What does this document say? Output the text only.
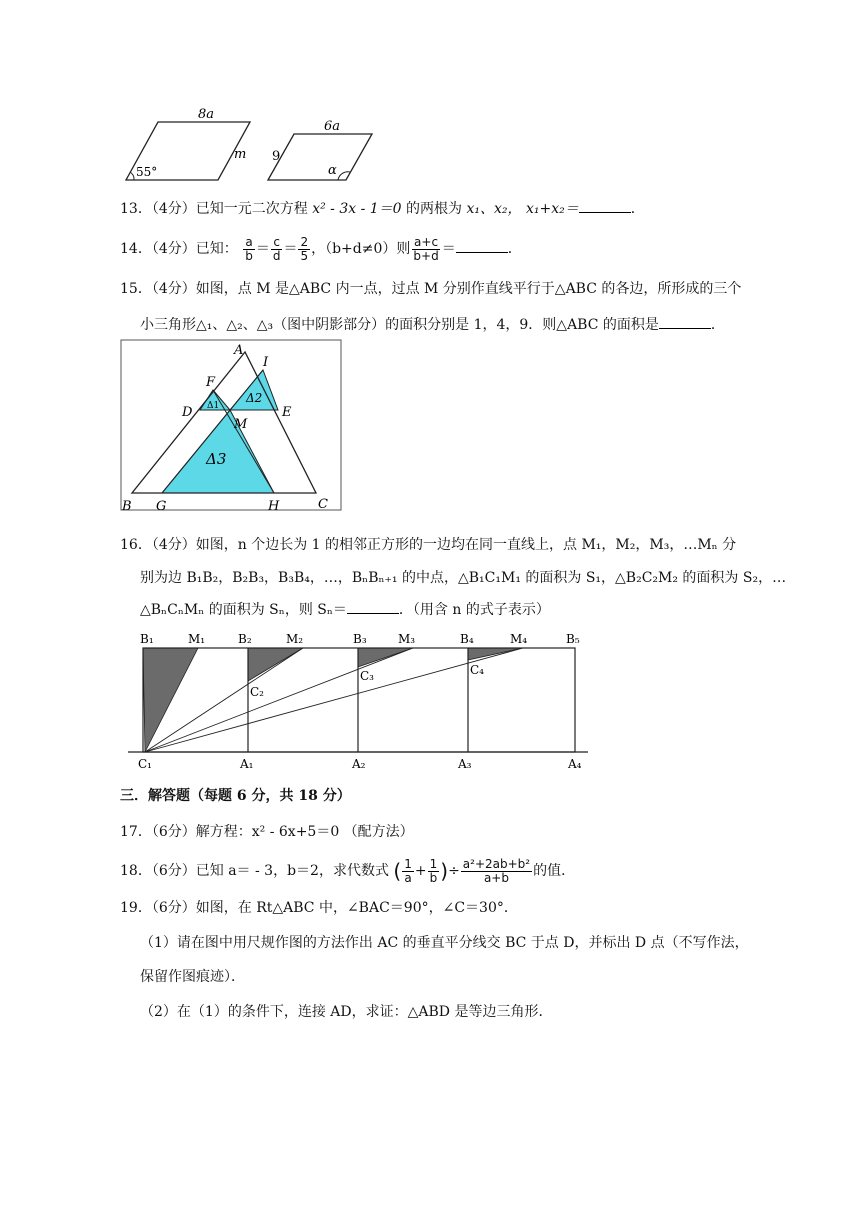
8a
m
55°
6a
9
α
13．（4分）已知一元二次方程 x² - 3x - 1＝0 的两根为 x₁、x₂， x₁+x₂＝	．
14．（4分）已知： $\frac{a}{b} = \frac{c}{d} = \frac{2}{5}$ ，（b+d≠0）则 $\frac{a+c}{b+d}$ ＝	．
15．（4分）如图，点 M 是△ABC 内一点，过点 M 分别作直线平行于△ABC 的各边，所形成的三个
小三角形△₁、△₂、△₃（图中阴影部分）的面积分别是 1，4，9．则△ABC 的面积是	．
A
I
F
D	E
M
B G	H	C
Δ1
Δ2
Δ3
16．（4分）如图，n 个边长为 1 的相邻正方形的一边均在同一直线上，点 M₁，M₂，M₃，…Mₙ 分
别为边 B₁B₂，B₂B₃，B₃B₄，…，BₙBₙ₊₁ 的中点，△B₁C₁M₁ 的面积为 S₁，△B₂C₂M₂ 的面积为 S₂，…
△BₙCₙMₙ 的面积为 Sₙ，则 Sₙ＝	．（用含 n 的式子表示）
B₁	M₁	B₂	M₂	B₃	M₃	B₄	M₄	B₅
C₁
C₂
C₃	C₄
A₁	A₂	A₃	A₄
三．解答题（每题 6 分，共 18 分）
17．（6分）解方程：x² - 6x+5＝0 （配方法）
18．（6分）已知 a＝ - 3，b＝2，求代数式 ( $\frac{1}{a} + \frac{1}{b}$ )÷ $\frac{\text{a²+2ab+b²}}{a+b}$ 的值．
19．（6分）如图，在 Rt△ABC 中，∠BAC＝90°，∠C＝30°．
（1）请在图中用尺规作图的方法作出 AC 的垂直平分线交 BC 于点 D，并标出 D 点（不写作法，
保留作图痕迹）．
（2）在（1）的条件下，连接 AD，求证：△ABD 是等边三角形．
